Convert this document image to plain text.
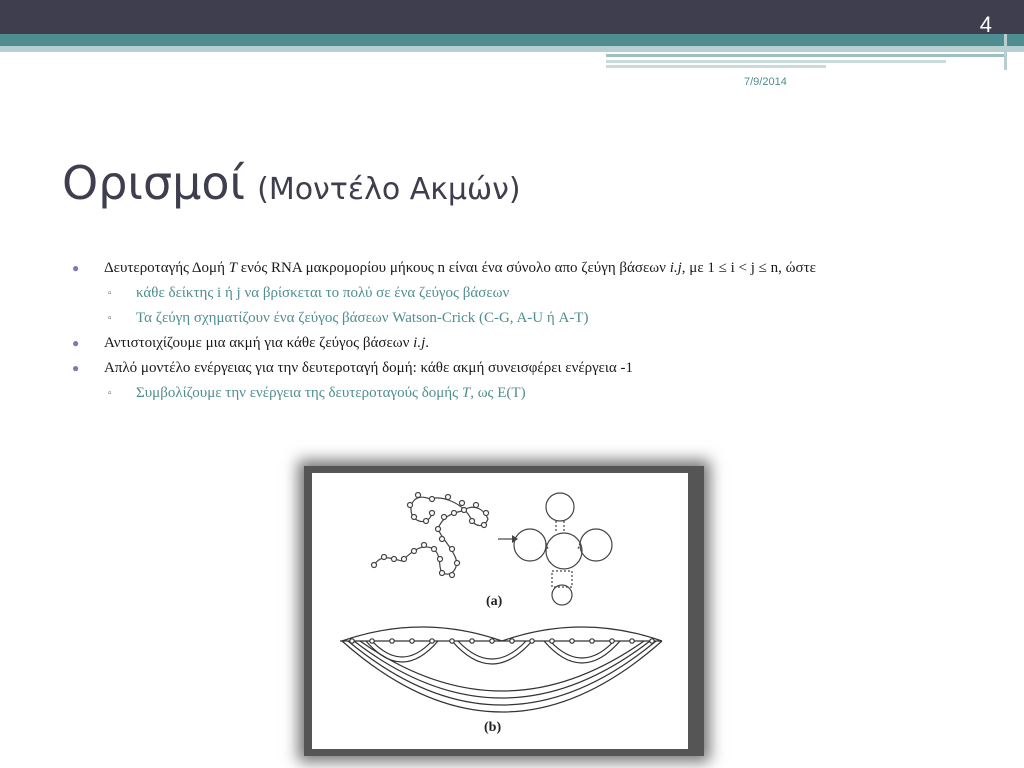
4
7/9/2014
Ορισμοί (Μοντέλο Ακμών)
● Δευτεροταγής Δομή T ενός RNA μακρομορίου μήκους n είναι ένα σύνολο απο ζεύγη βάσεων i.j, με 1 ≤ i < j ≤ n, ώστε
▫ κάθε δείκτης i ή j να βρίσκεται το πολύ σε ένα ζεύγος βάσεων
▫ Τα ζεύγη σχηματίζουν ένα ζεύγος βάσεων Watson-Crick (C-G, A-U ή A-T)
● Αντιστοιχίζουμε μια ακμή για κάθε ζεύγος βάσεων i.j.
● Απλό μοντέλο ενέργειας για την δευτεροταγή δομή: κάθε ακμή συνεισφέρει ενέργεια -1
▫ Συμβολίζουμε την ενέργεια της δευτεροταγούς δομής T, ως E(T)
(a)
(b)
